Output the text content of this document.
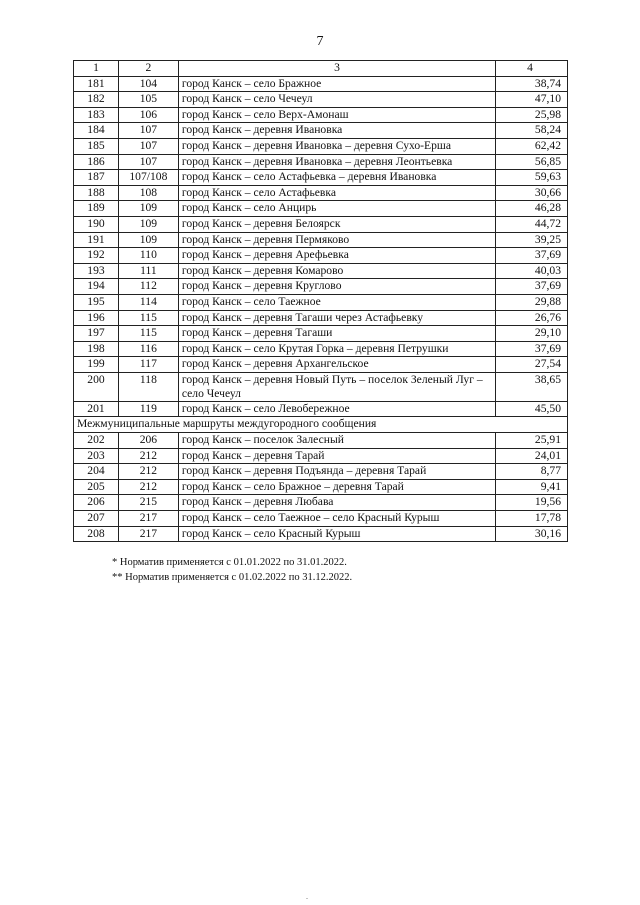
7
1	2	3	4
181	104	город Канск – село Бражное	38,74
182	105	город Канск – село Чечеул	47,10
183	106	город Канск – село Верх-Амонаш	25,98
184	107	город Канск – деревня Ивановка	58,24
185	107	город Канск – деревня Ивановка – деревня Сухо-Ерша	62,42
186	107	город Канск – деревня Ивановка – деревня Леонтьевка	56,85
187	107/108	город Канск – село Астафьевка – деревня Ивановка	59,63
188	108	город Канск – село Астафьевка	30,66
189	109	город Канск – село Анцирь	46,28
190	109	город Канск – деревня Белоярск	44,72
191	109	город Канск – деревня Пермяково	39,25
192	110	город Канск – деревня Арефьевка	37,69
193	111	город Канск – деревня Комарово	40,03
194	112	город Канск – деревня Круглово	37,69
195	114	город Канск – село Таежное	29,88
196	115	город Канск – деревня Тагаши через Астафьевку	26,76
197	115	город Канск – деревня Тагаши	29,10
198	116	город Канск – село Крутая Горка – деревня Петрушки	37,69
199	117	город Канск – деревня Архангельское	27,54
200	118	город Канск – деревня Новый Путь – поселок Зеленый Луг – село Чечеул	38,65
201	119	город Канск – село Левобережное	45,50
Межмуниципальные маршруты междугородного сообщения			
202	206	город Канск – поселок Залесный	25,91
203	212	город Канск – деревня Тарай	24,01
204	212	город Канск – деревня Подъянда – деревня Тарай	8,77
205	212	город Канск – село Бражное – деревня Тарай	9,41
206	215	город Канск – деревня Любава	19,56
207	217	город Канск – село Таежное – село Красный Курыш	17,78
208	217	город Канск – село Красный Курыш	30,16
* Норматив применяется с 01.01.2022 по 31.01.2022.
** Норматив применяется с 01.02.2022 по 31.12.2022.
.
